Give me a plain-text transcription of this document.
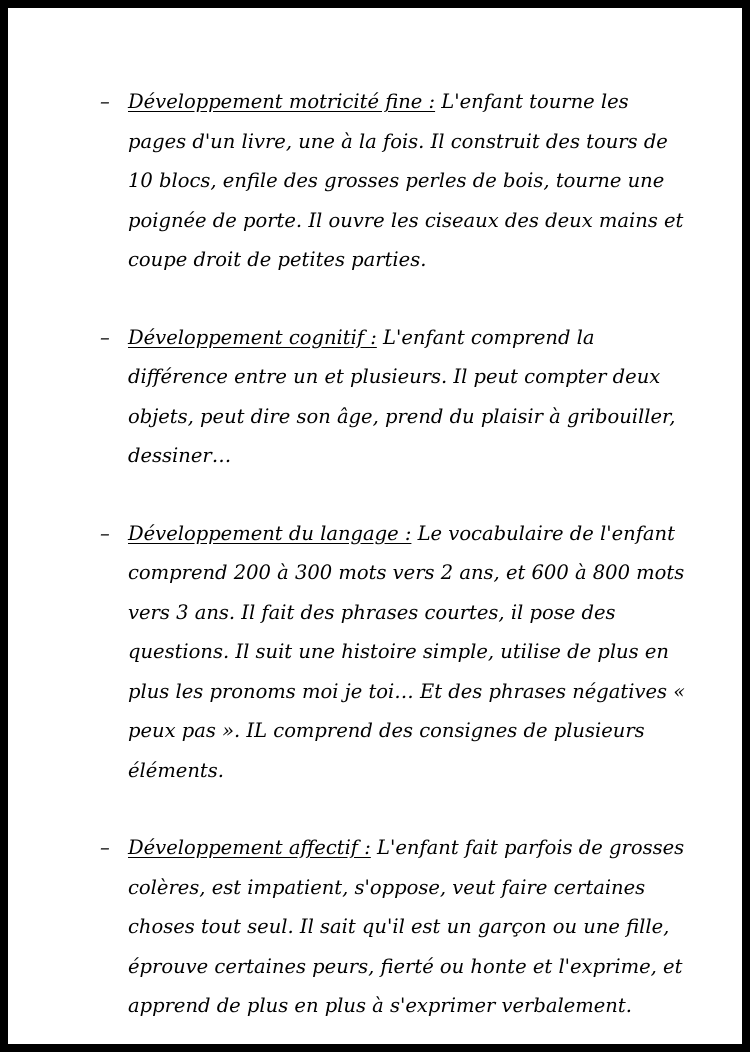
– Développement motricité fine : L'enfant tourne les pages d'un livre, une à la fois. Il construit des tours de 10 blocs, enfile des grosses perles de bois, tourne une poignée de porte. Il ouvre les ciseaux des deux mains et coupe droit de petites parties.
– Développement cognitif : L'enfant comprend la différence entre un et plusieurs. Il peut compter deux objets, peut dire son âge, prend du plaisir à gribouiller, dessiner…
– Développement du langage : Le vocabulaire de l'enfant comprend 200 à 300 mots vers 2 ans, et 600 à 800 mots vers 3 ans. Il fait des phrases courtes, il pose des questions. Il suit une histoire simple, utilise de plus en plus les pronoms moi je toi… Et des phrases négatives « peux pas ». IL comprend des consignes de plusieurs éléments.
– Développement affectif : L'enfant fait parfois de grosses colères, est impatient, s'oppose, veut faire certaines choses tout seul. Il sait qu'il est un garçon ou une fille, éprouve certaines peurs, fierté ou honte et l'exprime, et apprend de plus en plus à s'exprimer verbalement.
